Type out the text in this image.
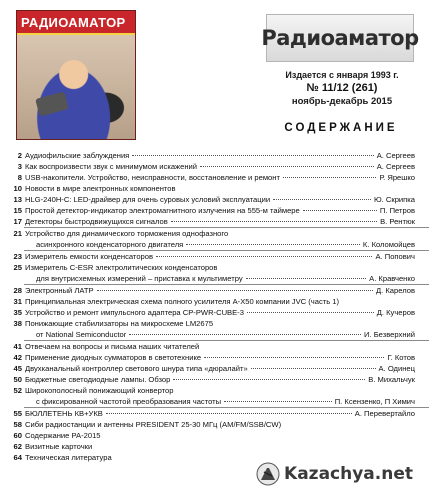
РАДИОАМАТОР
Радиоаматор
Издается с января 1993 г.
№ 11/12 (261)
ноябрь-декабрь 2015
СОДЕРЖАНИЕ
2 Аудиофильские заблуждения	А. Сергеев
3 Как воспроизвести звук с минимумом искажений	А. Сергеев
8 USB-накопители. Устройство, неисправности, восстановление и ремонт	Р. Ярешко
10 Новости в мире электронных компонентов
13 HLG-240H-C: LED-драйвер для очень суровых условий эксплуатации	Ю. Скрипка
15 Простой детектор-индикатор электромагнитного излучения на 555-м таймере	П. Петров
17 Детекторы быстродвижущихся сигналов	В. Рентюк
21 Устройство для динамического торможения однофазного
асинхронного конденсаторного двигателя	К. Коломойцев
23 Измеритель емкости конденсаторов	А. Попович
25 Измеритель C-ESR электролитических конденсаторов
для внутрисхемных измерений – приставка к мультиметру	А. Кравченко
28 Электронный ЛАТР	Д. Карелов
31 Принципиальная электрическая схема полного усилителя А-Х50 компании JVC (часть 1)
35 Устройство и ремонт импульсного адаптера CP-PWR-CUBE-3	Д. Кучеров
38 Понижающие стабилизаторы на микросхеме LM2675
от National Semiconductor	И. Безверхний
41 Отвечаем на вопросы и письма наших читателей
42 Применение диодных сумматоров в светотехнике	Г. Котов
45 Двухканальный контроллер светового шнура типа «дюралайт»	А. Одинец
50 Бюджетные светодиодные лампы. Обзор	В. Михальчук
52 Широкополосный понижающий конвертор
с фиксированной частотой преобразования частоты	П. Ксензенко, П Химич
55 БЮЛЛЕТЕНЬ КВ+УКВ	А. Перевертайло
58 Сиби радиостанции и антенны PRESIDENT 25-30 МГц (AM/FM/SSB/CW)
60 Содержание РА-2015
62 Визитные карточки
64 Техническая литература
Kazachya.net
